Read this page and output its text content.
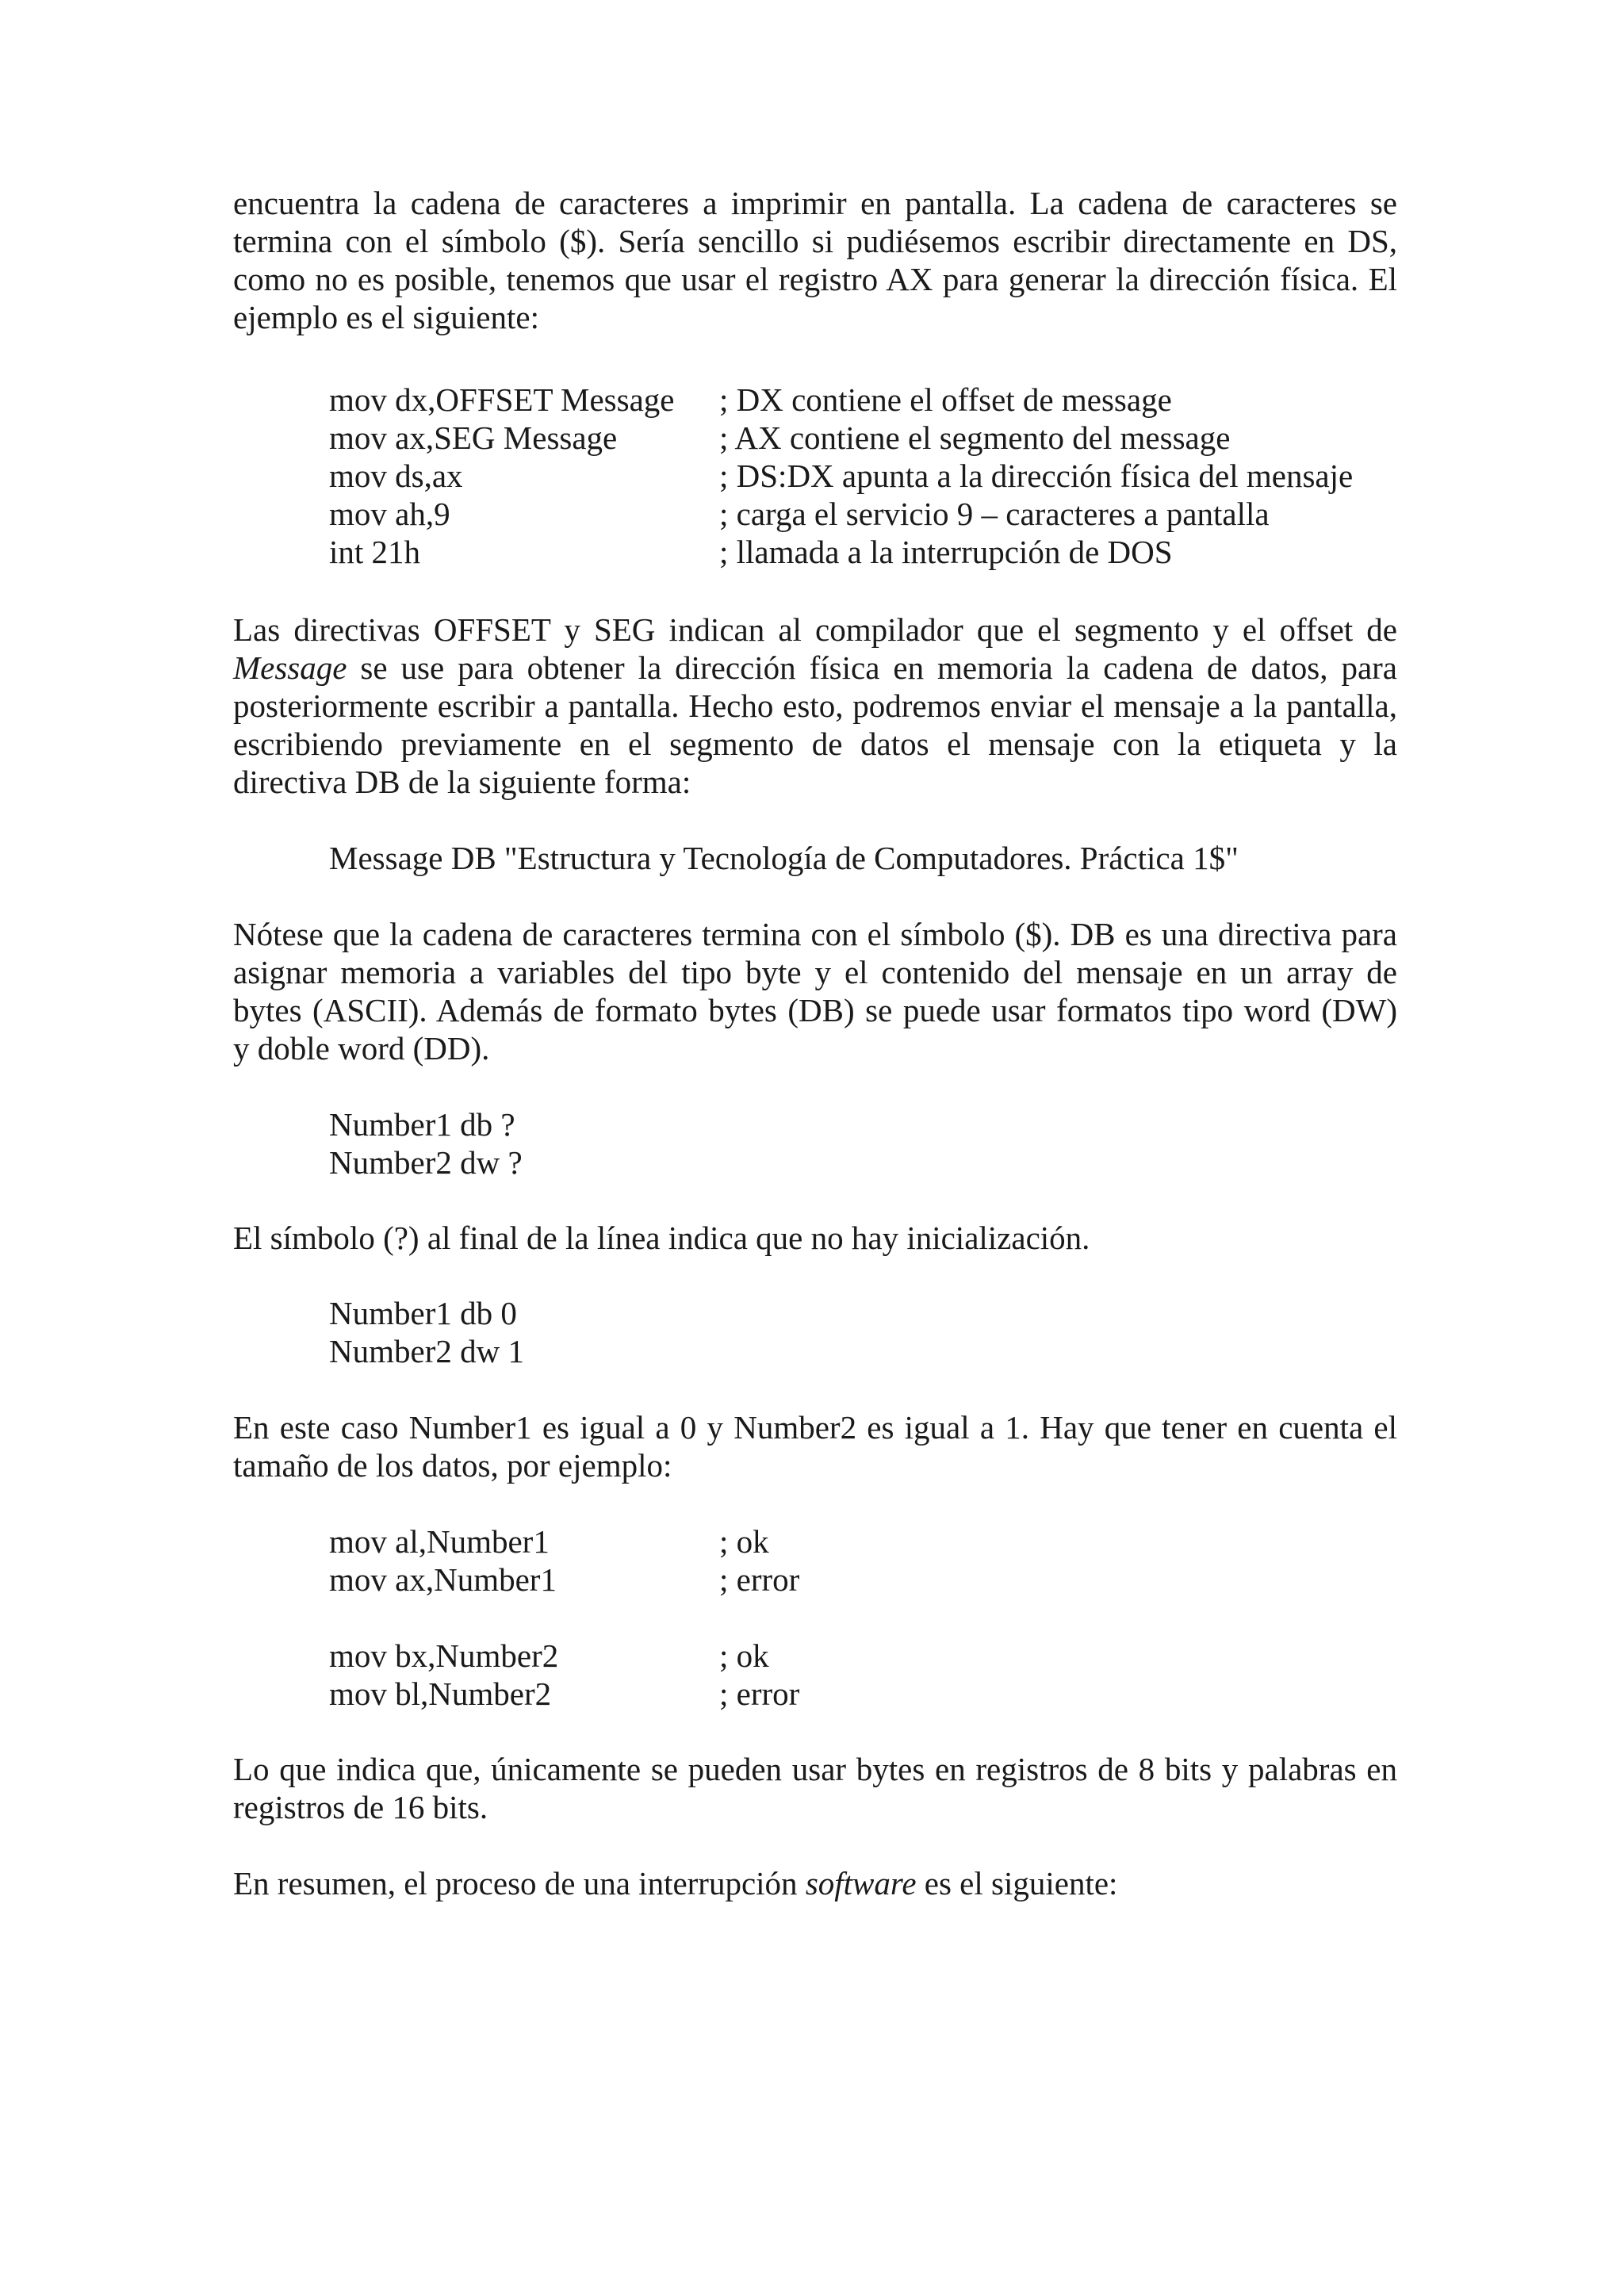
encuentra la cadena de caracteres a imprimir en pantalla. La cadena de caracteres se
termina con el símbolo ($). Sería sencillo si pudiésemos escribir directamente en DS,
como no es posible, tenemos que usar el registro AX para generar la dirección física. El
ejemplo es el siguiente:
mov dx,OFFSET Message ; DX contiene el offset de message
mov ax,SEG Message	; AX contiene el segmento del message
mov ds,ax	; DS:DX apunta a la dirección física del mensaje
mov ah,9	; carga el servicio 9 – caracteres a pantalla
int 21h	; llamada a la interrupción de DOS
Las directivas OFFSET y SEG indican al compilador que el segmento y el offset de
Message se use para obtener la dirección física en memoria la cadena de datos, para
posteriormente escribir a pantalla. Hecho esto, podremos enviar el mensaje a la pantalla,
escribiendo previamente en el segmento de datos el mensaje con la etiqueta y la
directiva DB de la siguiente forma:
Message DB "Estructura y Tecnología de Computadores. Práctica 1$"
Nótese que la cadena de caracteres termina con el símbolo ($). DB es una directiva para
asignar memoria a variables del tipo byte y el contenido del mensaje en un array de
bytes (ASCII). Además de formato bytes (DB) se puede usar formatos tipo word (DW)
y doble word (DD).
Number1 db ?
Number2 dw ?
El símbolo (?) al final de la línea indica que no hay inicialización.
Number1 db 0
Number2 dw 1
En este caso Number1 es igual a 0 y Number2 es igual a 1. Hay que tener en cuenta el
tamaño de los datos, por ejemplo:
mov al,Number1	; ok
mov ax,Number1	; error
mov bx,Number2	; ok
mov bl,Number2	; error
Lo que indica que, únicamente se pueden usar bytes en registros de 8 bits y palabras en
registros de 16 bits.
En resumen, el proceso de una interrupción software es el siguiente:
